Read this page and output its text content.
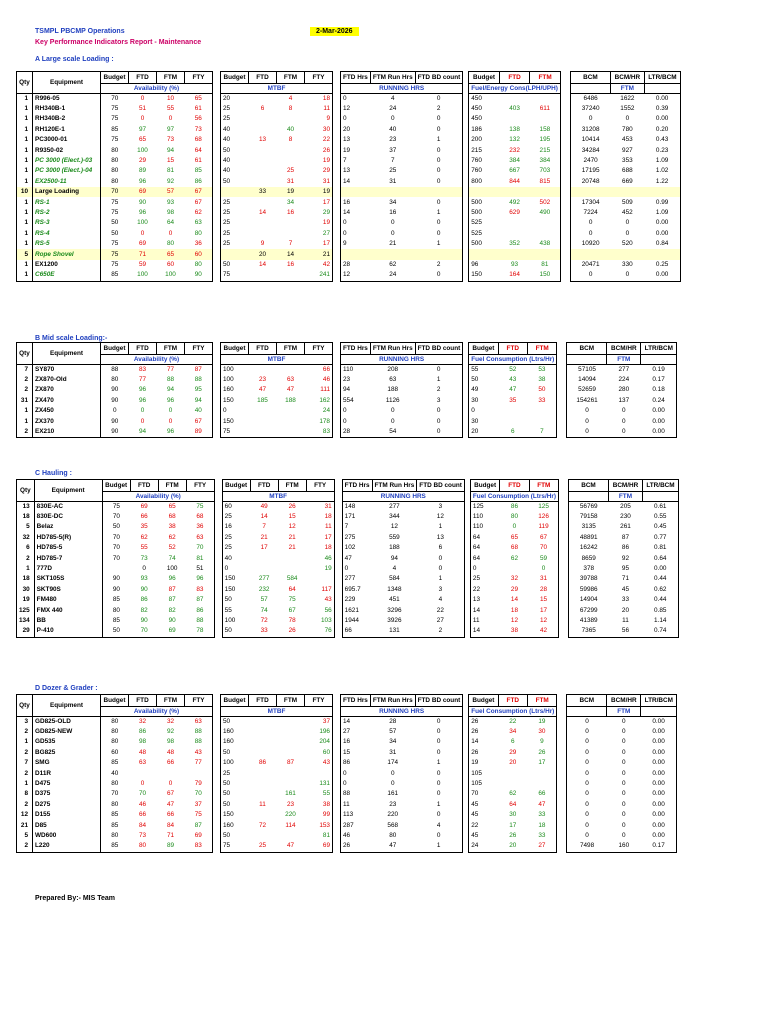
TSMPL PBCMP Operations	2-Mar-2026
Key Performance Indicators Report - Maintenance
A Large scale Loading :
Qty	Equipment	Budget	FTD	FTM	FTY		Budget	FTD	FTM	FTY		FTD Hrs	FTM Run Hrs	FTD BD count		Budget	FTD	FTM		BCM	BCM/HR	LTR/BCM
		Availability (%)					MTBF					RUNNING HRS				Fuel/Energy Cons(LPH/UPH)					FTM	
1	R996-05	70	0	10	65		20		4	18		0	4	0		450				6486	1622	0.00
1	RH340B-1	75	51	55	61		25	6	8	11		12	24	2		450	403	611		37240	1552	0.39
1	RH340B-2	75	0	0	56		25			9		0	0	0		450				0	0	0.00
1	RH120E-1	85	97	97	73		40		40	30		20	40	0		186	138	158		31208	780	0.20
1	PC3000-01	75	65	73	68		40	13	8	22		13	23	1		200	132	195		10414	453	0.43
1	R9350-02	80	100	94	64		50			26		19	37	0		215	232	215		34284	927	0.23
1	PC 3000 (Elect.)-03	80	29	15	61		40			19		7	7	0		760	384	384		2470	353	1.09
1	PC 3000 (Elect.)-04	80	89	81	85		40		25	29		13	25	0		760	667	703		17195	688	1.02
1	EX2500-11	80	96	92	86		50		31	31		14	31	0		800	844	815		20748	669	1.22
10	Large Loading	70	69	57	67			33	19	19												
1	RS-1	75	90	93	67		25		34	17		16	34	0		500	492	502		17304	509	0.99
1	RS-2	75	96	98	62		25	14	16	29		14	16	1		500	629	490		7224	452	1.09
1	RS-3	50	100	64	63		25			19		0	0	0		525				0	0	0.00
1	RS-4	50	0	0	80		25			27		0	0	0		525				0	0	0.00
1	RS-5	75	69	80	36		25	9	7	17		9	21	1		500	352	438		10920	520	0.84
5	Rope Shovel	75	71	65	60			20	14	21												
1	EX1200	75	59	60	80		50	14	16	42		28	62	2		96	93	81		20471	330	0.25
1	C650E	85	100	100	90		75			241		12	24	0		150	164	150		0	0	0.00
B Mid scale Loading:-
Qty	Equipment	Budget	FTD	FTM	FTY		Budget	FTD	FTM	FTY		FTD Hrs	FTM Run Hrs	FTD BD count		Budget	FTD	FTM		BCM	BCM/HR	LTR/BCM
		Availability (%)					MTBF					RUNNING HRS				Fuel Consumption (Ltrs/Hr)					FTM	
7	SY870	88	83	77	87		100			66		110	208	0		55	52	53		57105	277	0.19
2	ZX870-Old	80	77	88	88		100	23	63	46		23	63	1		50	43	38		14094	224	0.17
2	ZX870	90	96	94	95		160	47	47	111		94	188	2		49	47	50		52659	280	0.18
31	ZX470	90	96	96	94		150	185	188	162		554	1126	3		30	35	33		154261	137	0.24
1	ZX450	0	0	0	40		0			24		0	0	0		0				0	0	0.00
1	ZX370	90	0	0	67		150			178		0	0	0		30				0	0	0.00
2	EX210	90	94	96	89		75			83		28	54	0		20	6	7		0	0	0.00
C Hauling :
Qty	Equipment	Budget	FTD	FTM	FTY		Budget	FTD	FTM	FTY		FTD Hrs	FTM Run Hrs	FTD BD count		Budget	FTD	FTM		BCM	BCM/HR	LTR/BCM
		Availability (%)					MTBF					RUNNING HRS				Fuel Consumption (Ltrs/Hr)					FTM	
13	830E-AC	75	69	65	75		60	49	26	31		148	277	3		125	86	125		56769	205	0.61
18	830E-DC	70	66	68	68		25	14	15	18		171	344	12		110	80	126		79158	230	0.55
5	Belaz	50	35	38	36		16	7	12	11		7	12	1		110	0	119		3135	261	0.45
32	HD785-5(R)	70	62	62	63		25	21	21	17		275	559	13		64	65	67		48891	87	0.77
6	HD785-5	70	55	52	70		25	17	21	18		102	188	6		64	68	70		16242	86	0.81
2	HD785-7	70	73	74	81		40			46		47	94	0		64	62	59		8659	92	0.64
1	777D		0	100	51		0			19		0	4	0		0		0		378	95	0.00
18	SKT105S	90	93	96	96		150	277	584			277	584	1		25	32	31		39788	71	0.44
30	SKT90S	90	90	87	83		150	232	64	117		695.7	1348	3		22	29	28		59986	45	0.62
19	FM480	85	86	87	87		50	57	75	43		229	451	4		13	14	15		14904	33	0.44
125	FMX 440	80	82	82	86		55	74	67	56		1621	3296	22		14	18	17		67299	20	0.85
134	BB	85	90	90	88		100	72	78	103		1944	3926	27		11	12	12		41389	11	1.14
29	P-410	50	70	69	78		50	33	26	76		66	131	2		14	38	42		7365	56	0.74
D Dozer & Grader :
Qty	Equipment	Budget	FTD	FTM	FTY		Budget	FTD	FTM	FTY		FTD Hrs	FTM Run Hrs	FTD BD count		Budget	FTD	FTM		BCM	BCM/HR	LTR/BCM
		Availability (%)					MTBF					RUNNING HRS				Fuel Consumption (Ltrs/Hr)					FTM	
3	GD825-OLD	80	32	32	63		50			37		14	28	0		26	22	19		0	0	0.00
2	GD825-NEW	80	86	92	88		160			196		27	57	0		26	34	30		0	0	0.00
1	GD535	80	98	98	88		160			204		16	34	0		14	6	9		0	0	0.00
2	BG825	60	48	48	43		50			60		15	31	0		26	29	26		0	0	0.00
7	SMG	85	63	66	77		100	86	87	43		86	174	1		19	20	17		0	0	0.00
2	D11R	40					25					0	0	0		105				0	0	0.00
1	D475	80	0	0	79		50			131		0	0	0		105				0	0	0.00
8	D375	70	70	67	70		50		161	55		88	161	0		70	62	66		0	0	0.00
2	D275	80	46	47	37		50	11	23	38		11	23	1		45	64	47		0	0	0.00
12	D155	85	66	66	75		150		220	99		113	220	0		45	30	33		0	0	0.00
21	D85	85	84	84	87		160	72	114	153		287	568	4		22	17	18		0	0	0.00
5	WD600	80	73	71	69		50			81		46	80	0		45	26	33		0	0	0.00
2	L220	85	80	89	83		75	25	47	69		26	47	1		24	20	27		7498	160	0.17
Prepared By:- MIS Team
